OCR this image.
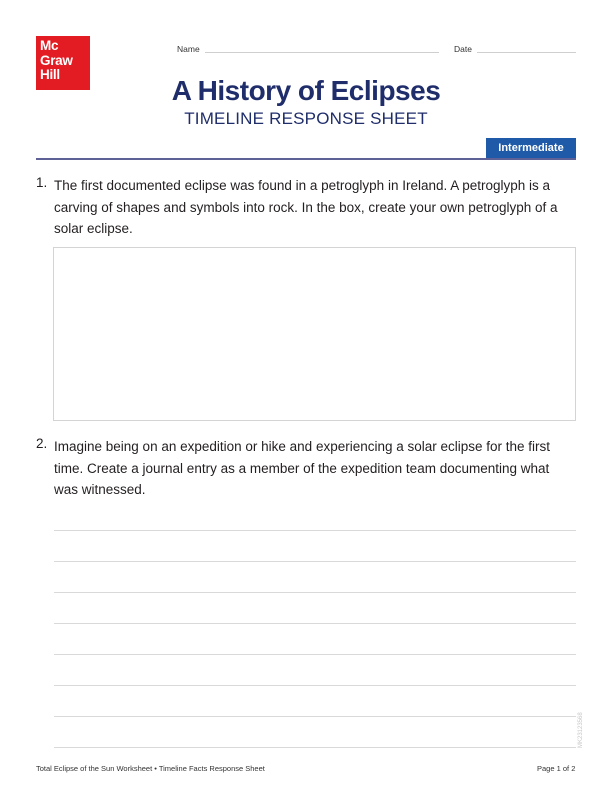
Mc
Graw
Hill
Name	Date
A History of Eclipses
TIMELINE RESPONSE SHEET
Intermediate
1. The first documented eclipse was found in a petroglyph in Ireland. A petroglyph is a carving of shapes and symbols into rock. In the box, create your own petroglyph of a solar eclipse.
2. Imagine being on an expedition or hike and experiencing a solar eclipse for the first time. Create a journal entry as a member of the expedition team documenting what was witnessed.
Total Eclipse of the Sun Worksheet • Timeline Facts Response Sheet	Page 1 of 2
MK23123568
